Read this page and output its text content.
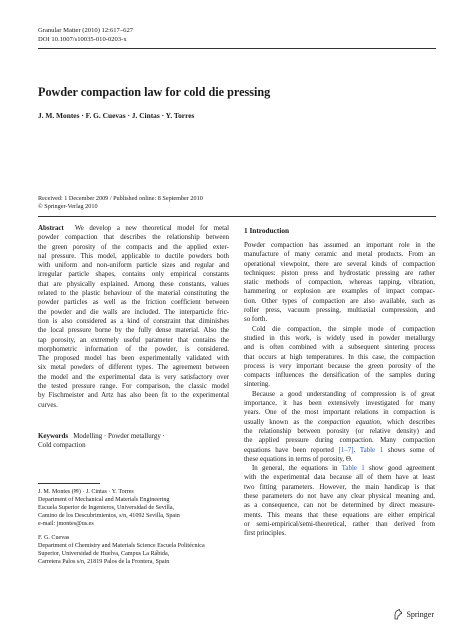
Granular Matter (2010) 12:617–627
DOI 10.1007/s10035-010-0203-x
Powder compaction law for cold die pressing
J. M. Montes · F. G. Cuevas · J. Cintas · Y. Torres
Received: 1 December 2009 / Published online: 8 September 2010
© Springer-Verlag 2010
Abstract We develop a new theoretical model for metal
powder compaction that describes the relationship between
the green porosity of the compacts and the applied exter-
nal pressure. This model, applicable to ductile powders both
with uniform and non-uniform particle sizes and regular and
irregular particle shapes, contains only empirical constants
that are physically explained. Among these constants, values
related to the plastic behaviour of the material constituting the
powder particles as well as the friction coefficient between
the powder and die walls are included. The interparticle fric-
tion is also considered as a kind of constraint that diminishes
the local pressure borne by the fully dense material. Also the
tap porosity, an extremely useful parameter that contains the
morphometric information of the powder, is considered.
The proposed model has been experimentally validated with
six metal powders of different types. The agreement between
the model and the experimental data is very satisfactory over
the tested pressure range. For comparison, the classic model
by Fischmeister and Artz has also been fit to the experimental
curves.
Keywords Modelling · Powder metallurgy ·
Cold compaction
J. M. Montes (✉) · J. Cintas · Y. Torres
Department of Mechanical and Materials Engineering
Escuela Superior de Ingenieros, Universidad de Sevilla,
Camino de los Descubrimientos, s/n, 41092 Sevilla, Spain
e-mail: jmontes@us.es
F. G. Cuevas
Department of Chemistry and Materials Science Escuela Politécnica
Superior, Universidad de Huelva, Campus La Rábida,
Carretera Palos s/n, 21819 Palos de la Frontera, Spain
1 Introduction
Powder compaction has assumed an important role in the
manufacture of many ceramic and metal products. From an
operational viewpoint, there are several kinds of compaction
techniques: piston press and hydrostatic pressing are rather
static methods of compaction, whereas tapping, vibration,
hammering or explosion are examples of impact compac-
tion. Other types of compaction are also available, such as
roller press, vacuum pressing, multiaxial compression, and
so forth.
Cold die compaction, the simple mode of compaction
studied in this work, is widely used in powder metallurgy
and is often combined with a subsequent sintering process
that occurs at high temperatures. In this case, the compaction
process is very important because the green porosity of the
compacts influences the densification of the samples during
sintering.
Because a good understanding of compression is of great
importance, it has been extensively investigated for many
years. One of the most important relations in compaction is
usually known as the compaction equation, which describes
the relationship between porosity (or relative density) and
the applied pressure during compaction. Many compaction
equations have been reported [1–7]. Table 1 shows some of
these equations in terms of porosity, Θ.
In general, the equations in Table 1 show good agreement
with the experimental data because all of them have at least
two fitting parameters. However, the main handicap is that
these parameters do not have any clear physical meaning and,
as a consequence, can not be determined by direct measure-
ments. This means that these equations are either empirical
or semi-empirical/semi-theoretical, rather than derived from
first principles.
Springer
